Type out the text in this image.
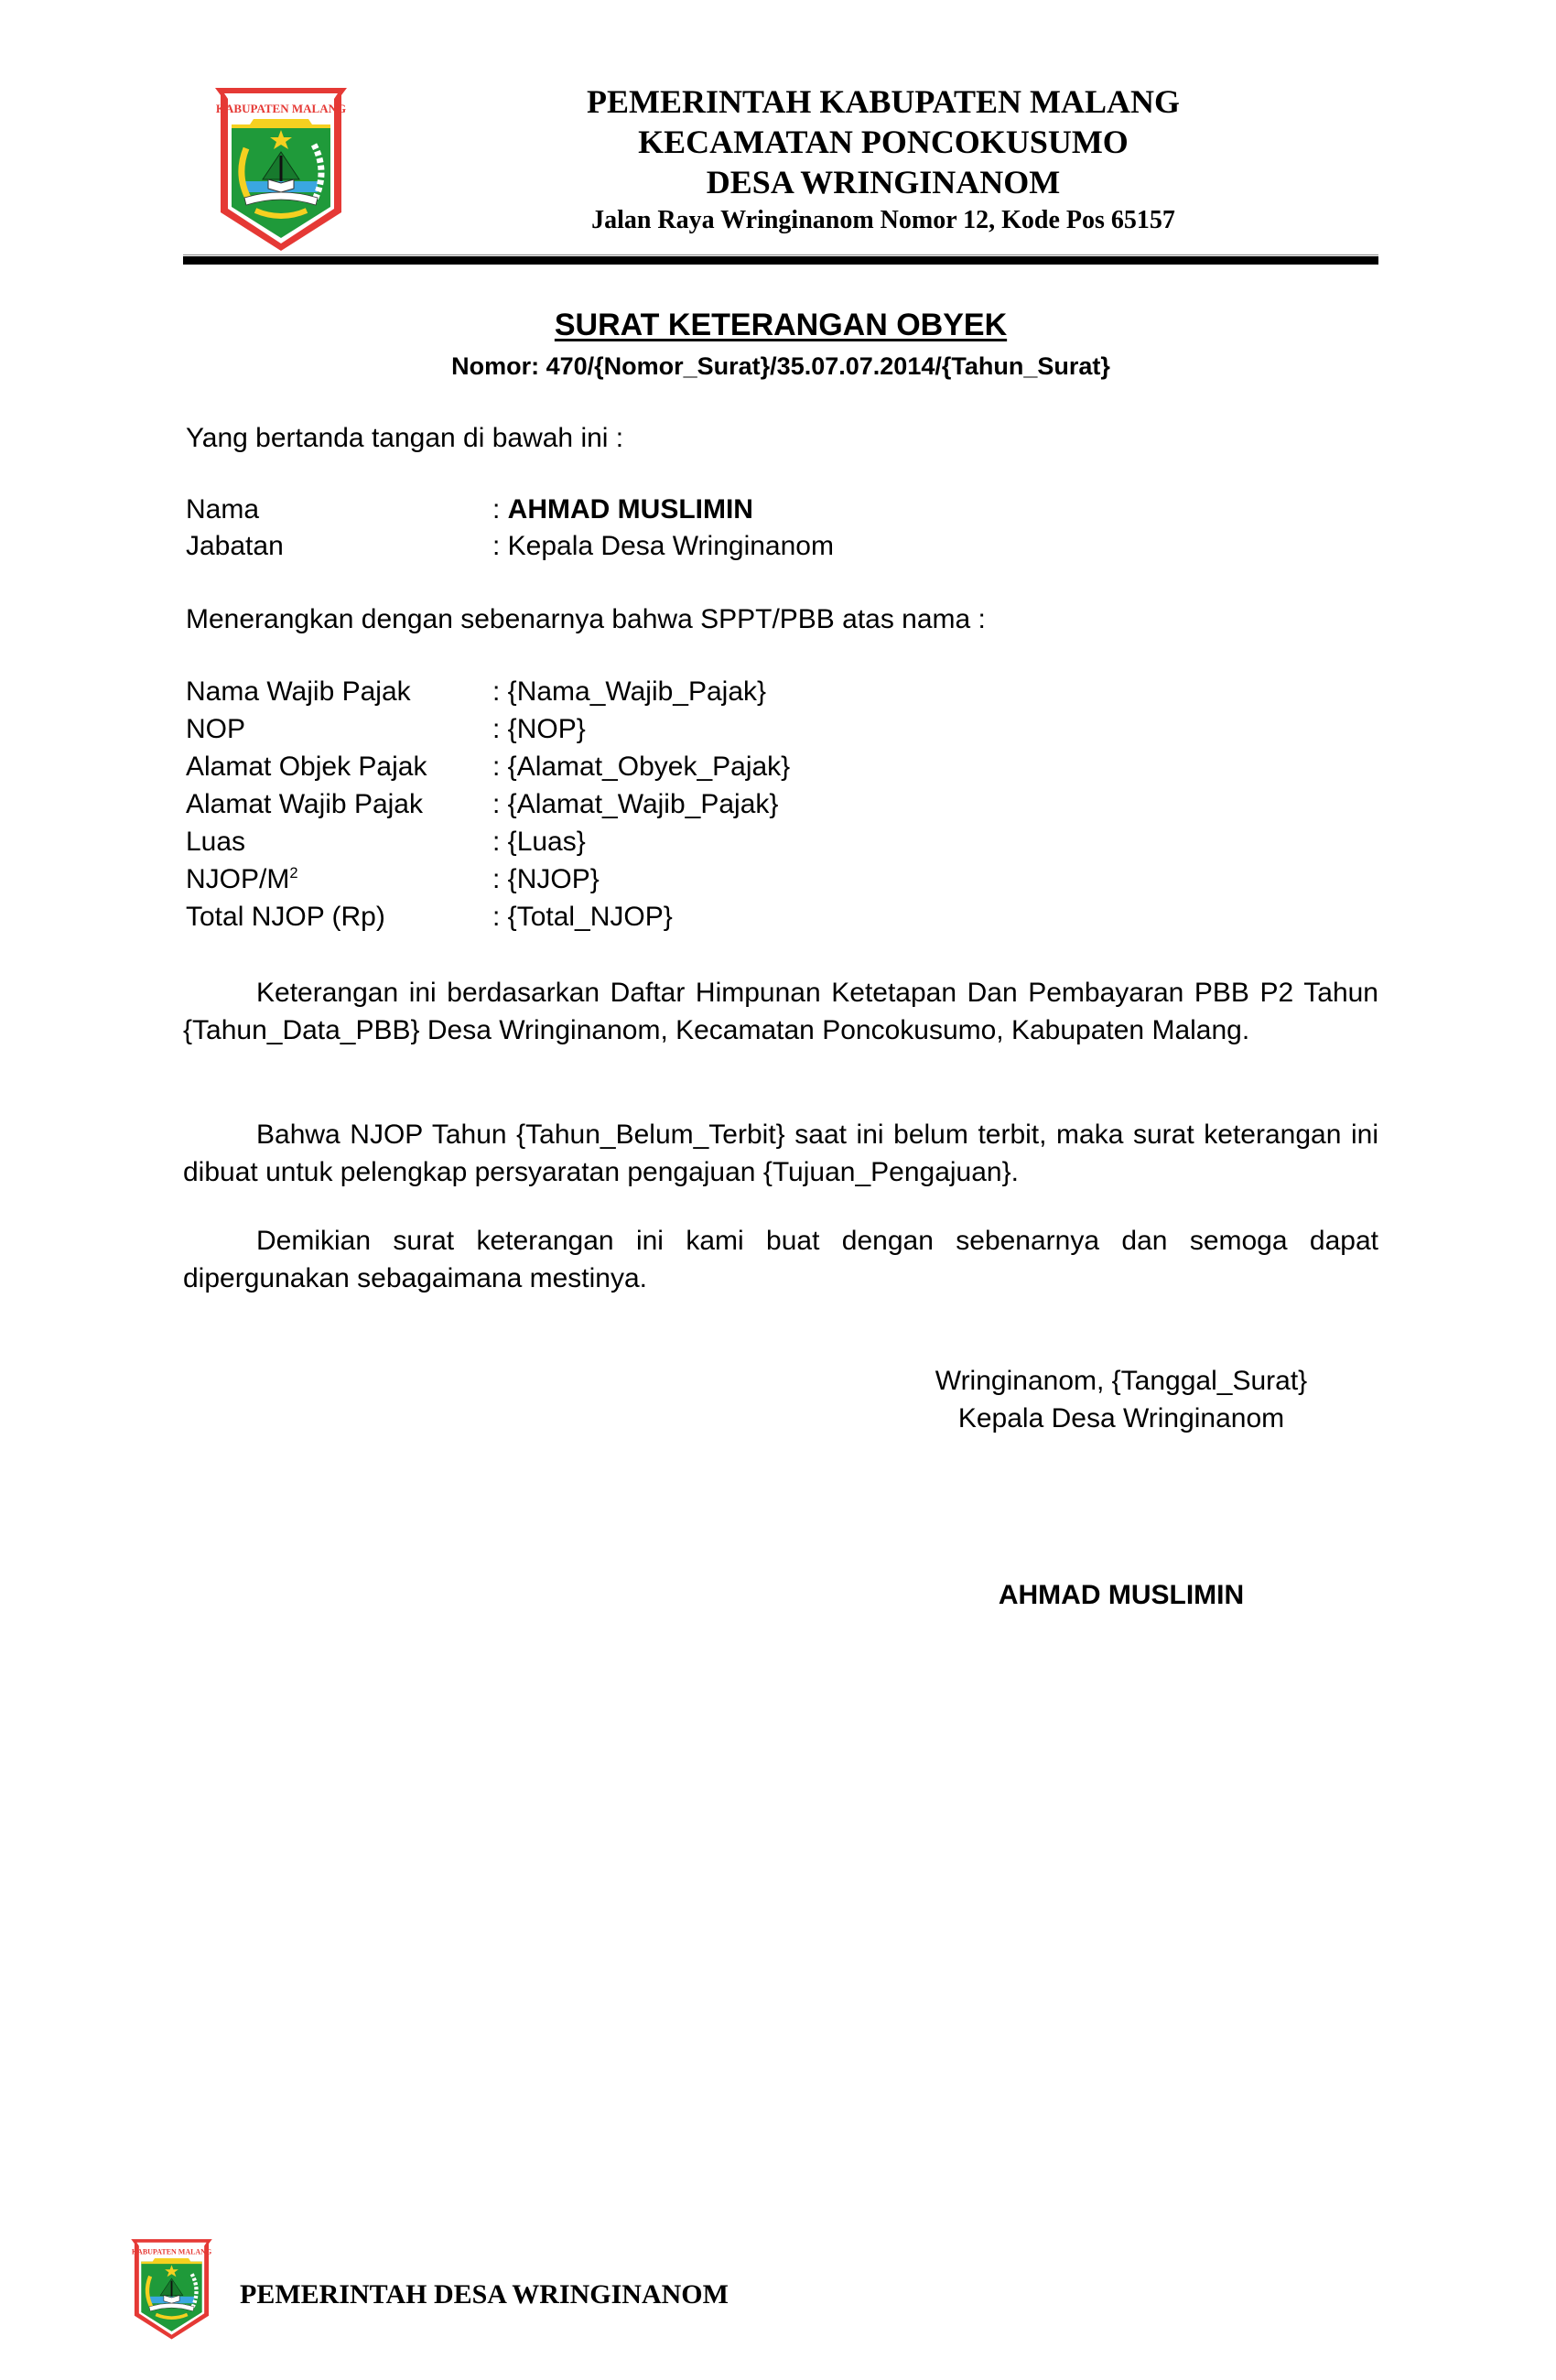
KABUPATEN MALANG	PEMERINTAH KABUPATEN MALANG
KECAMATAN PONCOKUSUMO
DESA WRINGINANOM
Jalan Raya Wringinanom Nomor 12, Kode Pos 65157
SURAT KETERANGAN OBYEK
Nomor: 470/{Nomor_Surat}/35.07.07.2014/{Tahun_Surat}
Yang bertanda tangan di bawah ini :
Nama	: AHMAD MUSLIMIN
Jabatan	: Kepala Desa Wringinanom
Menerangkan dengan sebenarnya bahwa SPPT/PBB atas nama :
Nama Wajib Pajak	: {Nama_Wajib_Pajak}
NOP	: {NOP}
Alamat Objek Pajak : {Alamat_Obyek_Pajak}
Alamat Wajib Pajak	: {Alamat_Wajib_Pajak}
Luas	: {Luas}
NJOP/$M^2$	: {NJOP}
Total NJOP (Rp)	: {Total_NJOP}
Keterangan ini berdasarkan Daftar Himpunan Ketetapan Dan Pembayaran PBB P2 Tahun {Tahun_Data_PBB} Desa Wringinanom, Kecamatan Poncokusumo, Kabupaten Malang.
Bahwa NJOP Tahun {Tahun_Belum_Terbit} saat ini belum terbit, maka surat keterangan ini dibuat untuk pelengkap persyaratan pengajuan {Tujuan_Pengajuan}.
Demikian surat keterangan ini kami buat dengan sebenarnya dan semoga dapat dipergunakan sebagaimana mestinya.
Wringinanom, {Tanggal_Surat}
Kepala Desa Wringinanom
AHMAD MUSLIMIN
KABUPATEN MALANG
PEMERINTAH DESA WRINGINANOM
